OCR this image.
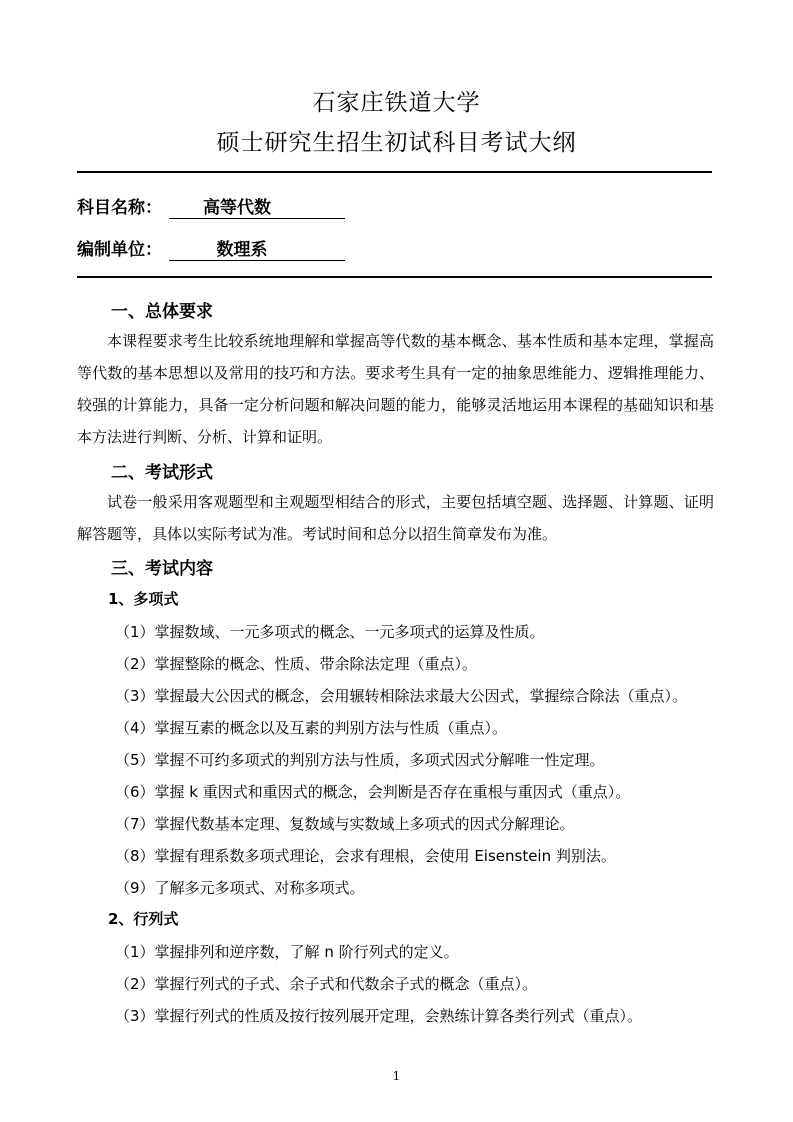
石家庄铁道大学
硕士研究生招生初试科目考试大纲
科目名称： 高等代数
编制单位：	数理系
一、总体要求
本课程要求考生比较系统地理解和掌握高等代数的基本概念、基本性质和基本定理，掌握高等代数的基本思想以及常用的技巧和方法。要求考生具有一定的抽象思维能力、逻辑推理能力、较强的计算能力，具备一定分析问题和解决问题的能力，能够灵活地运用本课程的基础知识和基本方法进行判断、分析、计算和证明。
二、考试形式
试卷一般采用客观题型和主观题型相结合的形式，主要包括填空题、选择题、计算题、证明解答题等，具体以实际考试为准。考试时间和总分以招生简章发布为准。
三、考试内容
1、多项式
（1）掌握数域、一元多项式的概念、一元多项式的运算及性质。
（2）掌握整除的概念、性质、带余除法定理（重点）。
（3）掌握最大公因式的概念，会用辗转相除法求最大公因式，掌握综合除法（重点）。
（4）掌握互素的概念以及互素的判别方法与性质（重点）。
（5）掌握不可约多项式的判别方法与性质，多项式因式分解唯一性定理。
（6）掌握 k 重因式和重因式的概念，会判断是否存在重根与重因式（重点）。
（7）掌握代数基本定理、复数域与实数域上多项式的因式分解理论。
（8）掌握有理系数多项式理论，会求有理根，会使用 Eisenstein 判别法。
（9）了解多元多项式、对称多项式。
2、行列式
（1）掌握排列和逆序数，了解 n 阶行列式的定义。
（2）掌握行列式的子式、余子式和代数余子式的概念（重点）。
（3）掌握行列式的性质及按行按列展开定理，会熟练计算各类行列式（重点）。
1
